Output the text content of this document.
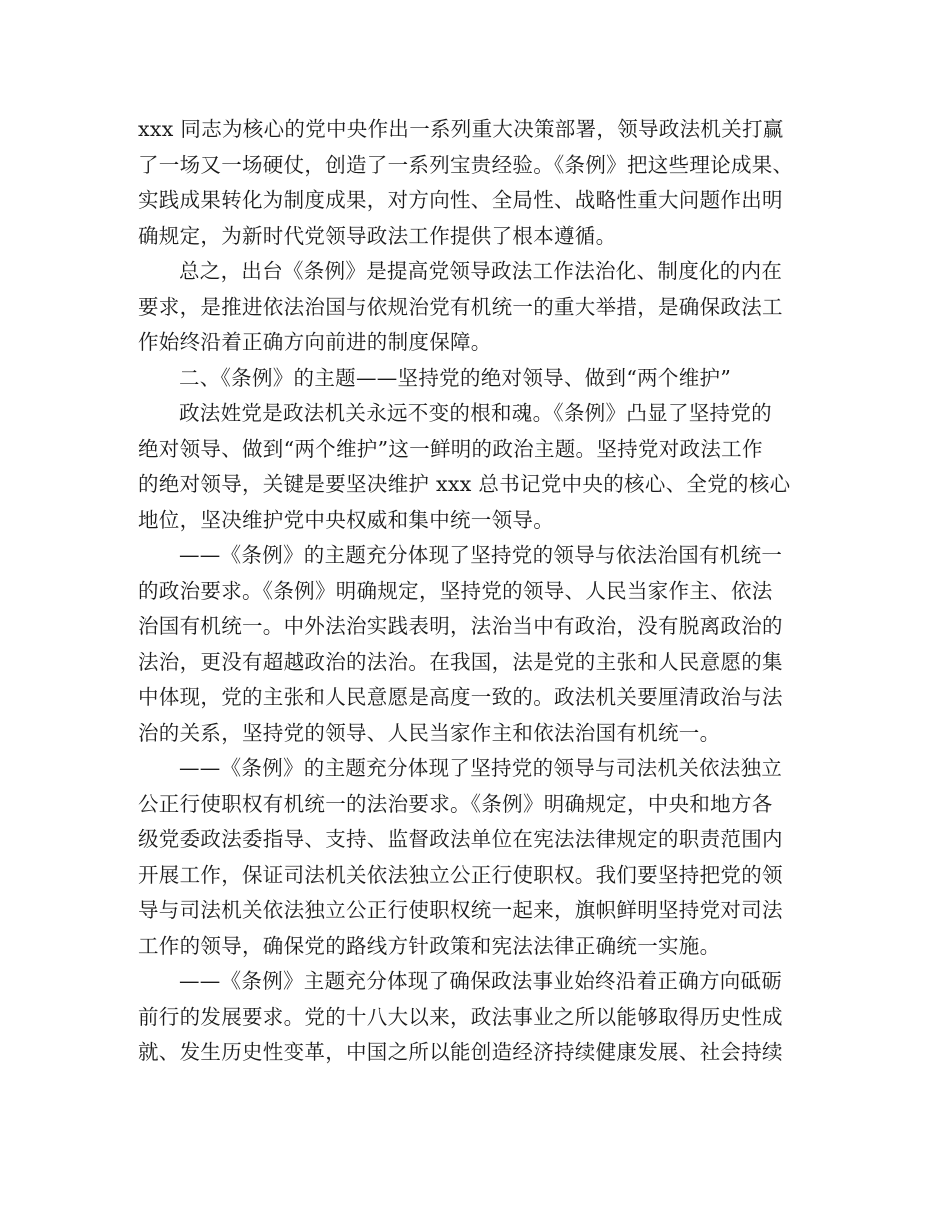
xxx 同志为核心的党中央作出一系列重大决策部署，领导政法机关打赢
了一场又一场硬仗，创造了一系列宝贵经验。《条例》把这些理论成果、
实践成果转化为制度成果，对方向性、全局性、战略性重大问题作出明
确规定，为新时代党领导政法工作提供了根本遵循。
总之，出台《条例》是提高党领导政法工作法治化、制度化的内在
要求，是推进依法治国与依规治党有机统一的重大举措，是确保政法工
作始终沿着正确方向前进的制度保障。
二、《条例》的主题——坚持党的绝对领导、做到“两个维护”
政法姓党是政法机关永远不变的根和魂。《条例》凸显了坚持党的
绝对领导、做到“两个维护”这一鲜明的政治主题。坚持党对政法工作
的绝对领导，关键是要坚决维护 xxx 总书记党中央的核心、全党的核心
地位，坚决维护党中央权威和集中统一领导。
——《条例》的主题充分体现了坚持党的领导与依法治国有机统一
的政治要求。《条例》明确规定，坚持党的领导、人民当家作主、依法
治国有机统一。中外法治实践表明，法治当中有政治，没有脱离政治的
法治，更没有超越政治的法治。在我国，法是党的主张和人民意愿的集
中体现，党的主张和人民意愿是高度一致的。政法机关要厘清政治与法
治的关系，坚持党的领导、人民当家作主和依法治国有机统一。
——《条例》的主题充分体现了坚持党的领导与司法机关依法独立
公正行使职权有机统一的法治要求。《条例》明确规定，中央和地方各
级党委政法委指导、支持、监督政法单位在宪法法律规定的职责范围内
开展工作，保证司法机关依法独立公正行使职权。我们要坚持把党的领
导与司法机关依法独立公正行使职权统一起来，旗帜鲜明坚持党对司法
工作的领导，确保党的路线方针政策和宪法法律正确统一实施。
——《条例》主题充分体现了确保政法事业始终沿着正确方向砥砺
前行的发展要求。党的十八大以来，政法事业之所以能够取得历史性成
就、发生历史性变革，中国之所以能创造经济持续健康发展、社会持续
